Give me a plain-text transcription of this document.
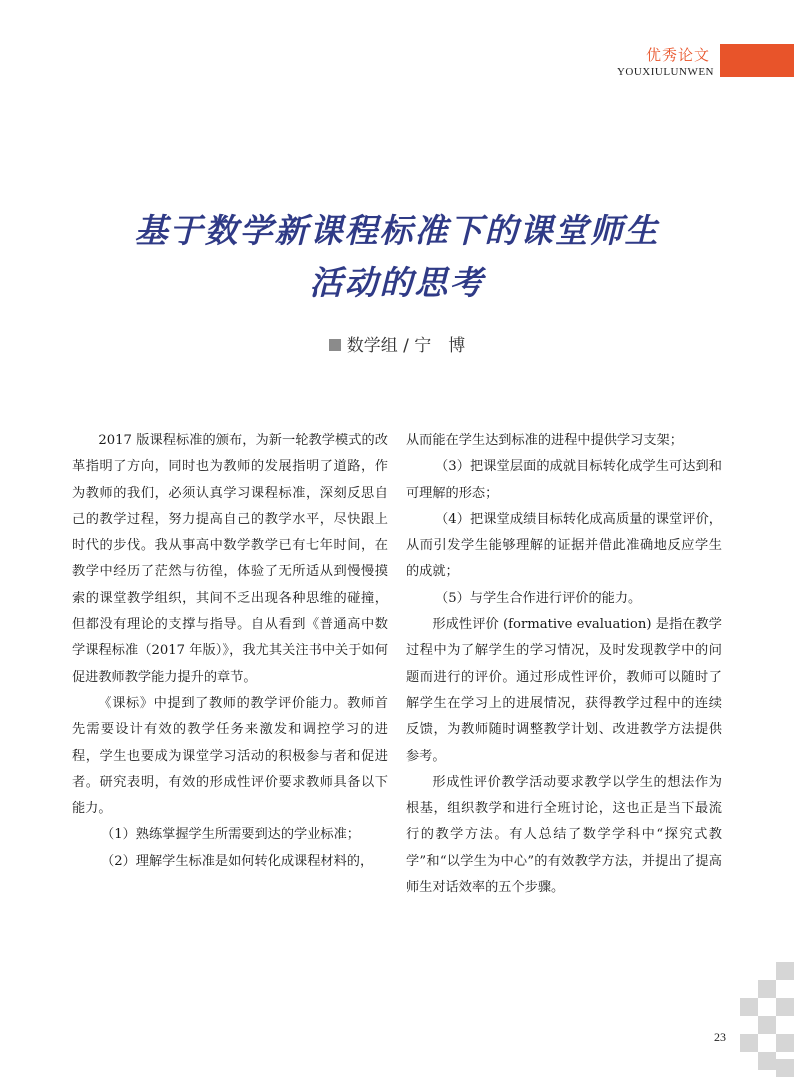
优秀论文
YOUXIULUNWEN
基于数学新课程标准下的课堂师生
活动的思考
数学组 / 宁　博

2017 版课程标准的颁布，为新一轮教学模式的改革指明了方向，同时也为教师的发展指明了道路，作为教师的我们，必须认真学习课程标准，深刻反思自己的教学过程，努力提高自己的教学水平，尽快跟上时代的步伐。我从事高中数学教学已有七年时间，在教学中经历了茫然与彷徨，体验了无所适从到慢慢摸索的课堂教学组织，其间不乏出现各种思维的碰撞，但都没有理论的支撑与指导。自从看到《普通高中数学课程标准（2017 年版）》，我尤其关注书中关于如何促进教师教学能力提升的章节。

《课标》中提到了教师的教学评价能力。教师首先需要设计有效的教学任务来激发和调控学习的进程，学生也要成为课堂学习活动的积极参与者和促进者。研究表明，有效的形成性评价要求教师具备以下能力。

（1）熟练掌握学生所需要到达的学业标准；

（2）理解学生标准是如何转化成课程材料的，

从而能在学生达到标准的进程中提供学习支架；

（3）把课堂层面的成就目标转化成学生可达到和可理解的形态；

（4）把课堂成绩目标转化成高质量的课堂评价，从而引发学生能够理解的证据并借此准确地反应学生的成就；

（5）与学生合作进行评价的能力。

形成性评价 (formative evaluation) 是指在教学过程中为了解学生的学习情况，及时发现教学中的问题而进行的评价。通过形成性评价，教师可以随时了解学生在学习上的进展情况，获得教学过程中的连续反馈，为教师随时调整教学计划、改进教学方法提供参考。

形成性评价教学活动要求教学以学生的想法作为根基，组织教学和进行全班讨论，这也正是当下最流行的教学方法。有人总结了数学学科中“探究式教学”和“以学生为中心”的有效教学方法，并提出了提高师生对话效率的五个步骤。

23
